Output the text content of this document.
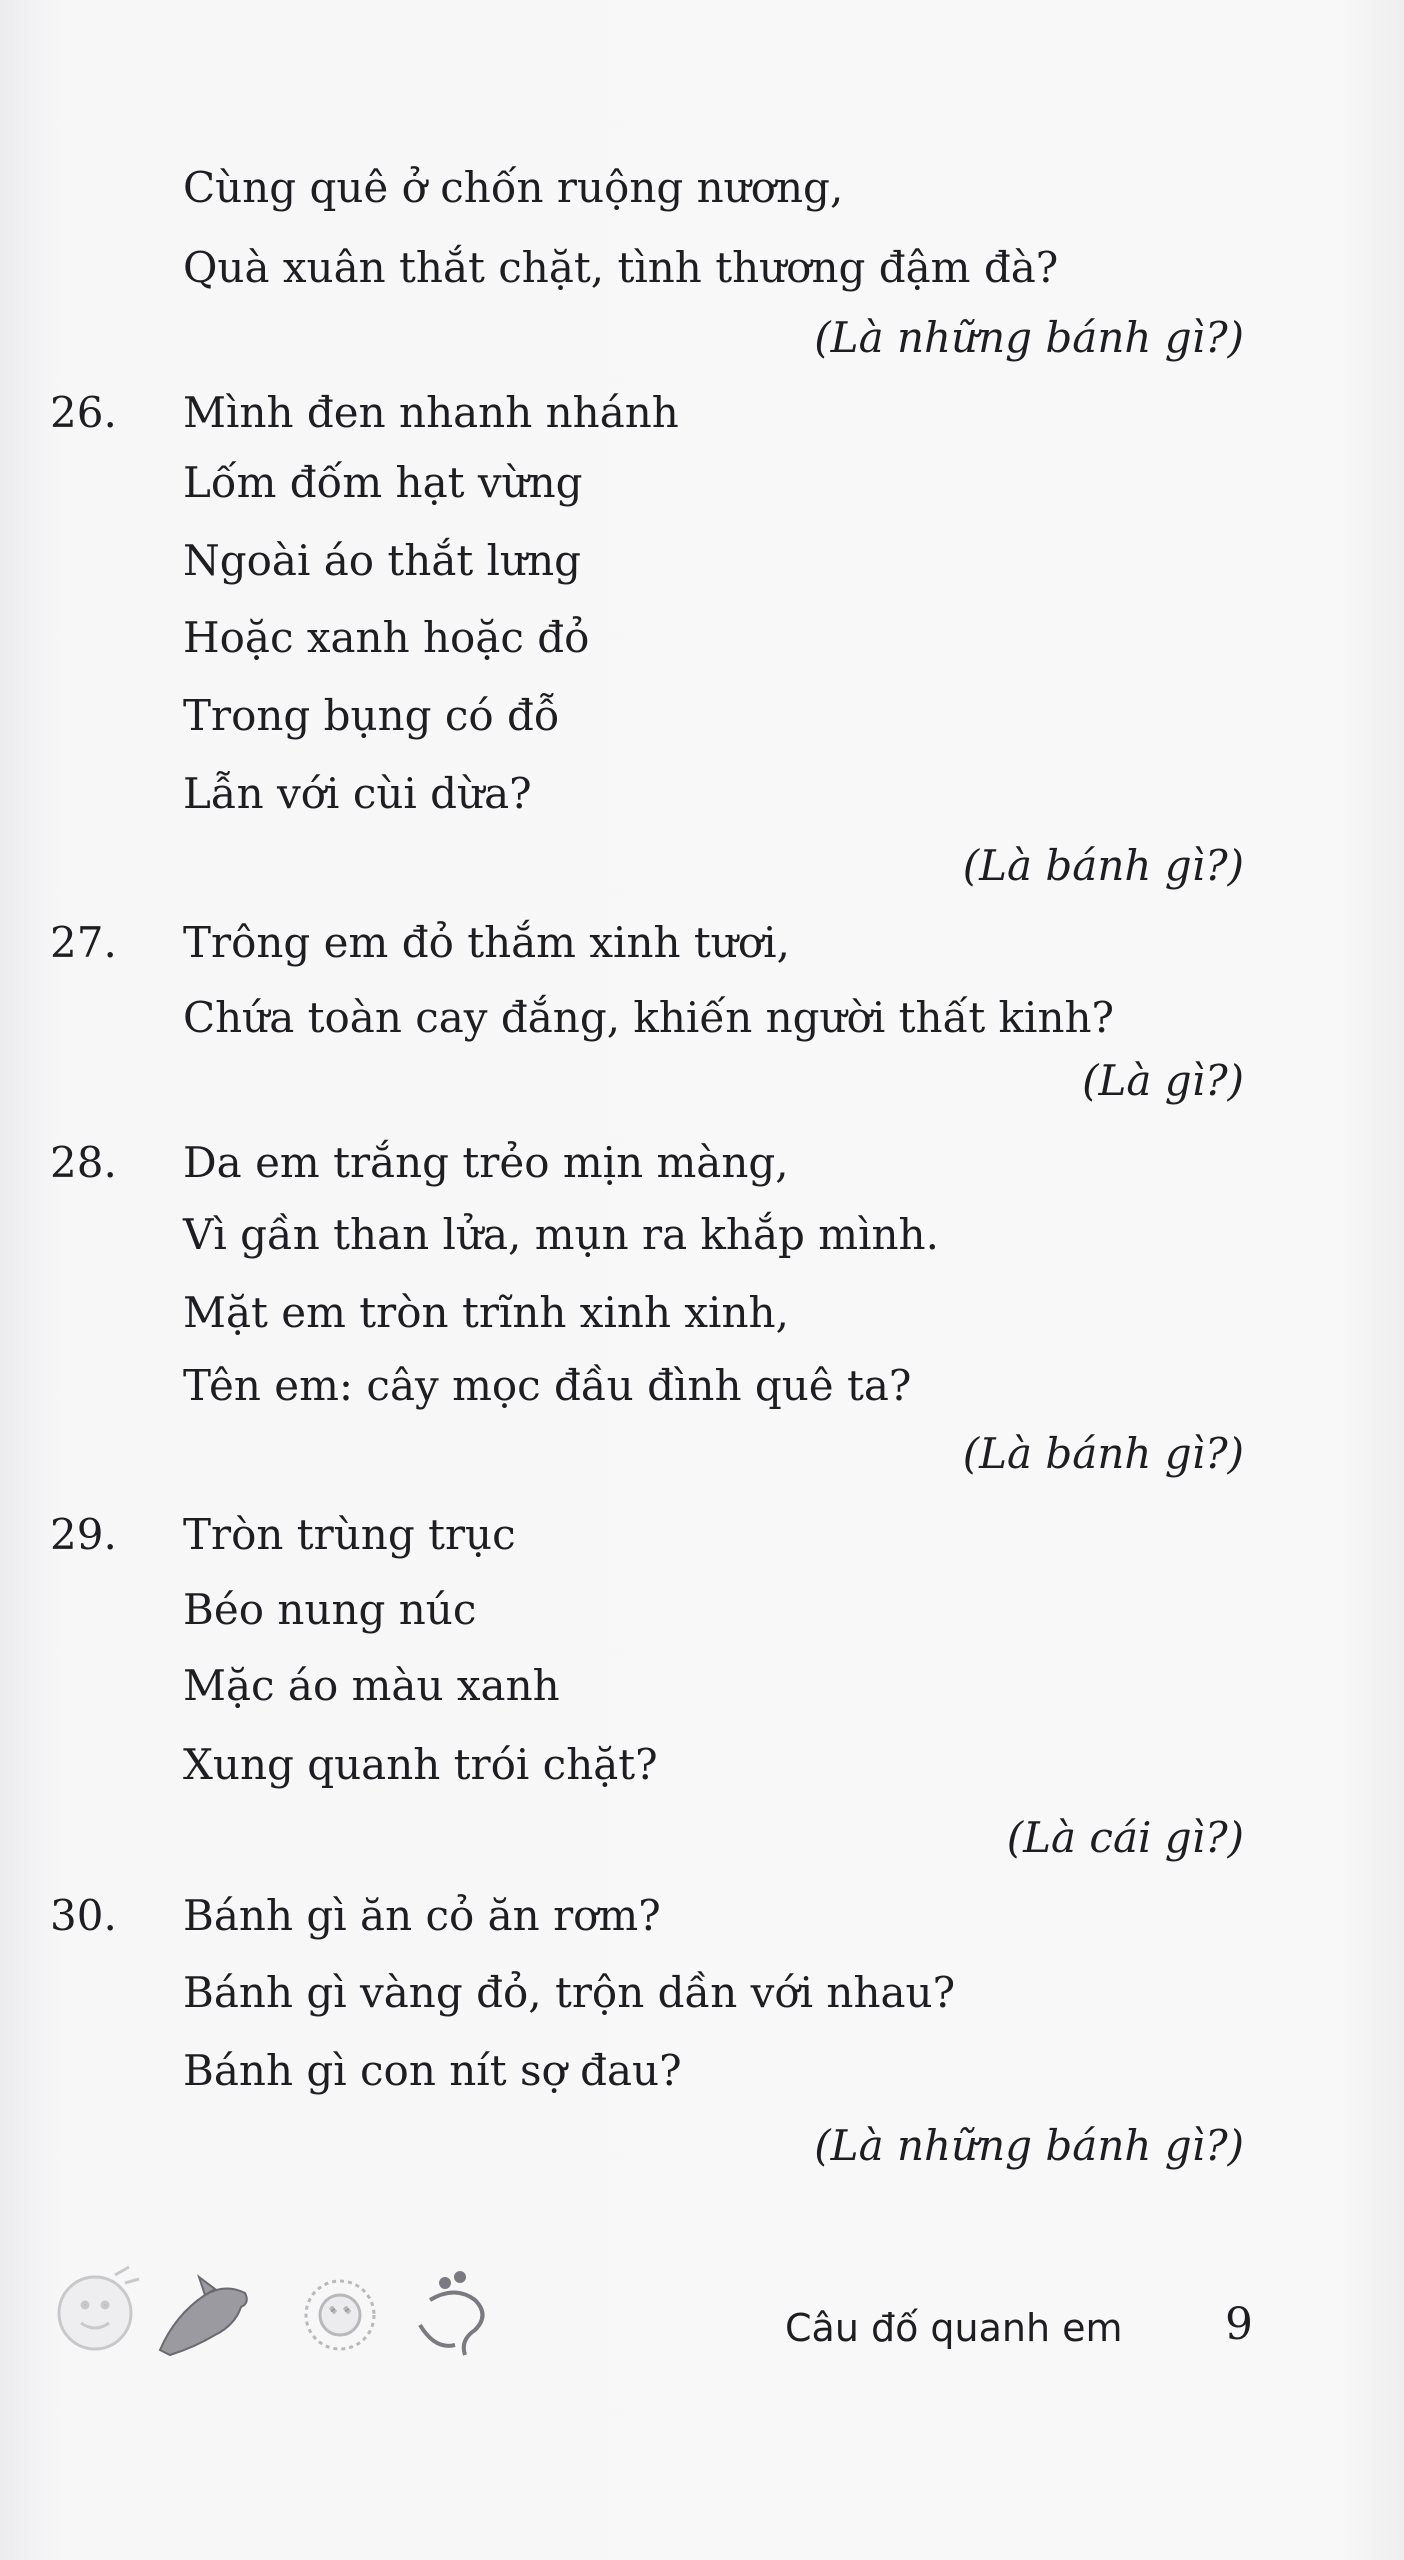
Cùng quê ở chốn ruộng nương,
Quà xuân thắt chặt, tình thương đậm đà?
(Là những bánh gì?)
26. Mình đen nhanh nhánh
Lốm đốm hạt vừng
Ngoài áo thắt lưng
Hoặc xanh hoặc đỏ
Trong bụng có đỗ
Lẫn với cùi dừa?
(Là bánh gì?)
27. Trông em đỏ thắm xinh tươi,
Chứa toàn cay đắng, khiến người thất kinh?
(Là gì?)
28. Da em trắng trẻo mịn màng,
Vì gần than lửa, mụn ra khắp mình.
Mặt em tròn trĩnh xinh xinh,
Tên em: cây mọc đầu đình quê ta?
(Là bánh gì?)
29. Tròn trùng trục
Béo nung núc
Mặc áo màu xanh
Xung quanh trói chặt?
(Là cái gì?)
30. Bánh gì ăn cỏ ăn rơm?
Bánh gì vàng đỏ, trộn dần với nhau?
Bánh gì con nít sợ đau?
(Là những bánh gì?)
Câu đố quanh em 9
